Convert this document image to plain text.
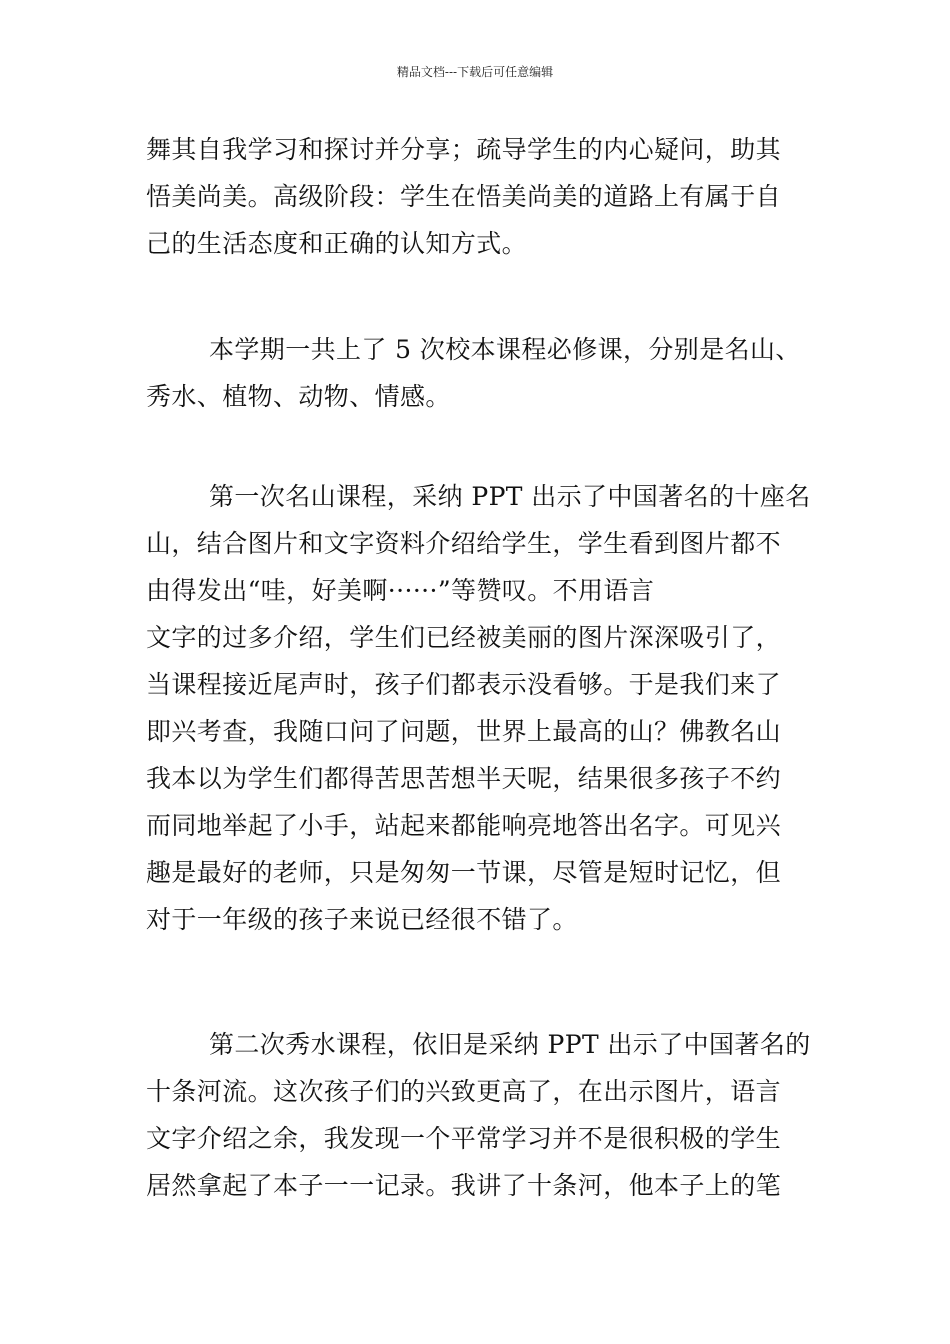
精品文档---下载后可任意编辑
舞其自我学习和探讨并分享；疏导学生的内心疑问，助其
悟美尚美。高级阶段：学生在悟美尚美的道路上有属于自
己的生活态度和正确的认知方式。
本学期一共上了 5 次校本课程必修课，分别是名山、
秀水、植物、动物、情感。
第一次名山课程，采纳 PPT 出示了中国著名的十座名
山，结合图片和文字资料介绍给学生，学生看到图片都不
由得发出“哇，好美啊······”等赞叹。不用语言
文字的过多介绍，学生们已经被美丽的图片深深吸引了，
当课程接近尾声时，孩子们都表示没看够。于是我们来了
即兴考查，我随口问了问题，世界上最高的山？佛教名山
我本以为学生们都得苦思苦想半天呢，结果很多孩子不约
而同地举起了小手，站起来都能响亮地答出名字。可见兴
趣是最好的老师，只是匆匆一节课，尽管是短时记忆，但
对于一年级的孩子来说已经很不错了。
第二次秀水课程，依旧是采纳 PPT 出示了中国著名的
十条河流。这次孩子们的兴致更高了，在出示图片，语言
文字介绍之余，我发现一个平常学习并不是很积极的学生
居然拿起了本子一一记录。我讲了十条河，他本子上的笔
